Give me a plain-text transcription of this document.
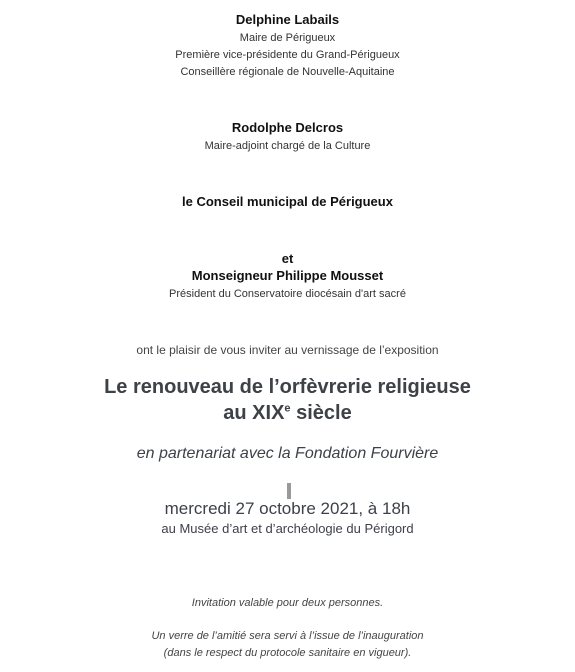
Delphine Labails
Maire de Périgueux
Première vice-présidente du Grand-Périgueux
Conseillère régionale de Nouvelle-Aquitaine
Rodolphe Delcros
Maire-adjoint chargé de la Culture
le Conseil municipal de Périgueux
et
Monseigneur Philippe Mousset
Président du Conservatoire diocésain d'art sacré
ont le plaisir de vous inviter au vernissage de l’exposition
Le renouveau de l’orfèvrerie religieuse
au XIXe siècle
en partenariat avec la Fondation Fourvière
mercredi 27 octobre 2021, à 18h
au Musée d’art et d’archéologie du Périgord
Invitation valable pour deux personnes.
Un verre de l’amitié sera servi à l’issue de l’inauguration
(dans le respect du protocole sanitaire en vigueur).
